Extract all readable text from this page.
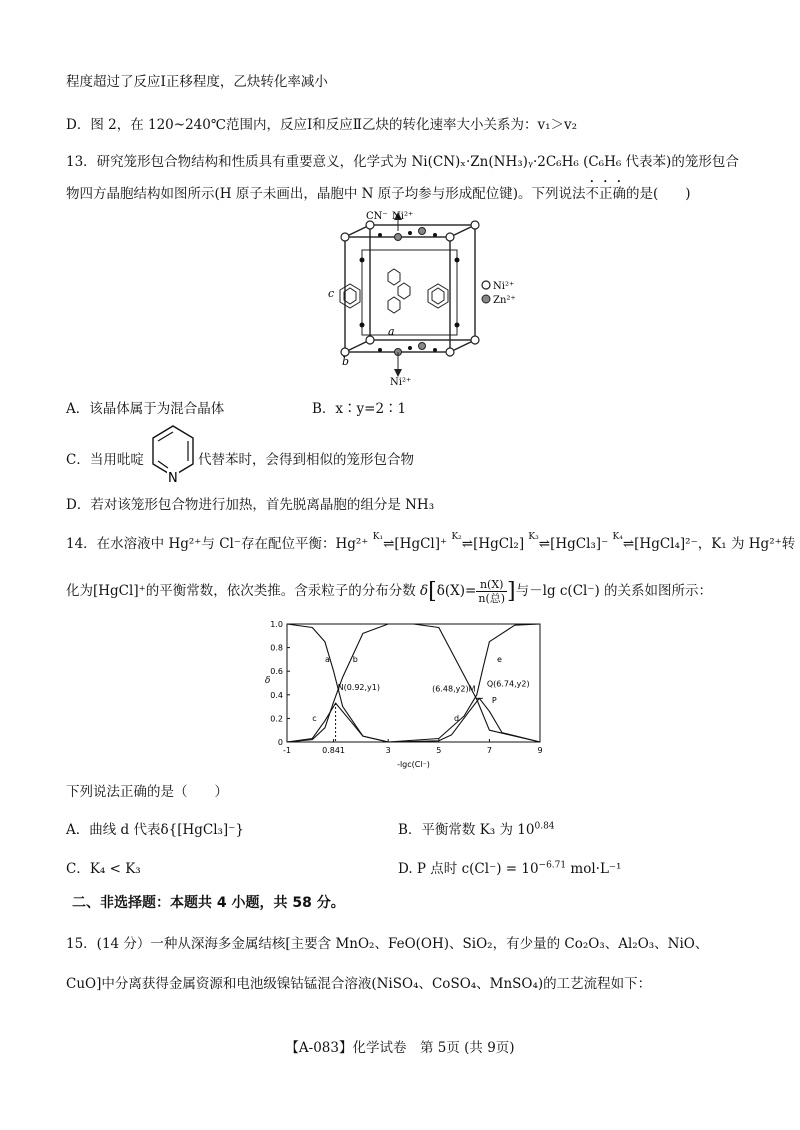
程度超过了反应Ⅰ正移程度，乙炔转化率减小
D．图 2，在 120~240℃范围内，反应Ⅰ和反应Ⅱ乙炔的转化速率大小关系为：v₁＞v₂
13．研究笼形包合物结构和性质具有重要意义，化学式为 Ni(CN)ₓ·Zn(NH₃)ᵧ·2C₆H₆ (C₆H₆ 代表苯)的笼形包合
物四方晶胞结构如图所示(H 原子未画出，晶胞中 N 原子均参与形成配位键)。下列说法不正确的是(　　)
CN⁻ Ni²⁺
Ni²⁺
c
a
b
Ni²⁺
Zn²⁺
A．该晶体属于为混合晶体	B．x∶y=2∶1
C．当用吡啶
N
代替苯时，会得到相似的笼形包合物
D．若对该笼形包合物进行加热，首先脱离晶胞的组分是 NH₃
14．在水溶液中 Hg²⁺与 Cl⁻存在配位平衡：Hg²⁺ K₁⇌[HgCl]⁺ K₂⇌[HgCl₂] K₃⇌[HgCl₃]⁻ K₄⇌[HgCl₄]²⁻，K₁ 为 Hg²⁺转
化为[HgCl]⁺的平衡常数，依次类推。含汞粒子的分布分数 $\delta[\delta(X)= \frac{n(X)}{\text{n(总)}}$ ]与－lg c(Cl⁻) 的关系如图所示：
0
0.2
0.4
0.6
0.8
1.0
-1	0.841	3	5	7	9
-lgc(Cl⁻)
δ
a	b
c	d
e
N(0.92,y1)	(6.48,y2)M
Q(6.74,y2)
P
下列说法正确的是（　　）
A．曲线 d 代表δ{[HgCl₃]⁻}	B．平衡常数 K₃ 为 $10^{0.84}$
C．K₄ < K₃	D. P 点时 $c(Cl^-) = 10^{-6.71}$ mol·L⁻¹
二、非选择题：本题共 4 小题，共 58 分。
15．(14 分）一种从深海多金属结核[主要含 MnO₂、FeO(OH)、SiO₂，有少量的 Co₂O₃、Al₂O₃、NiO、
CuO]中分离获得金属资源和电池级镍钴锰混合溶液(NiSO₄、CoSO₄、MnSO₄)的工艺流程如下：
【A-083】化学试卷　第 5页 (共 9页)
